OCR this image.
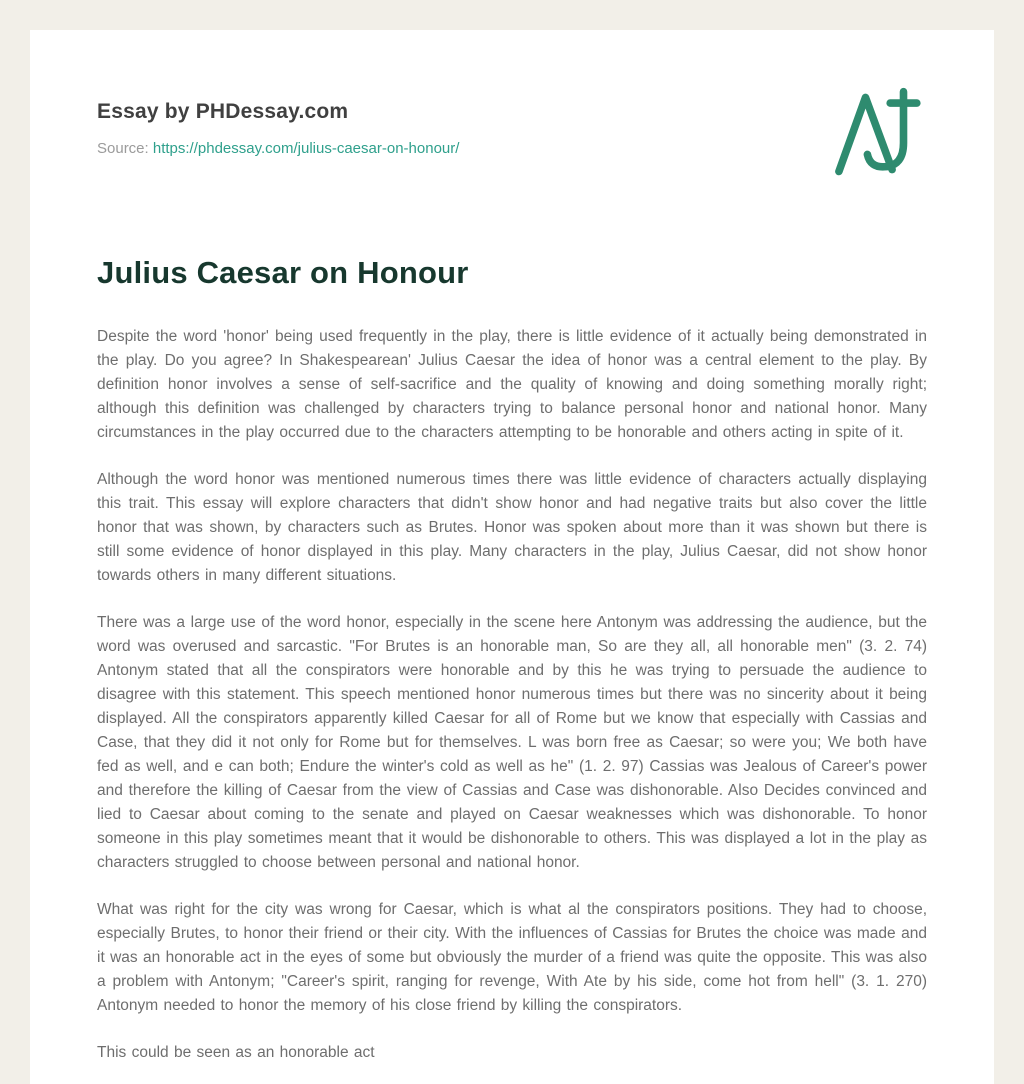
Essay by PHDessay.com
Source: https://phdessay.com/julius-caesar-on-honour/
Julius Caesar on Honour

Despite the word 'honor' being used frequently in the play, there is little evidence of it actually being demonstrated in the play. Do you agree? In Shakespearean' Julius Caesar the idea of honor was a central element to the play. By definition honor involves a sense of self-sacrifice and the quality of knowing and doing something morally right; although this definition was challenged by characters trying to balance personal honor and national honor. Many circumstances in the play occurred due to the characters attempting to be honorable and others acting in spite of it.

Although the word honor was mentioned numerous times there was little evidence of characters actually displaying this trait. This essay will explore characters that didn't show honor and had negative traits but also cover the little honor that was shown, by characters such as Brutes. Honor was spoken about more than it was shown but there is still some evidence of honor displayed in this play. Many characters in the play, Julius Caesar, did not show honor towards others in many different situations.

There was a large use of the word honor, especially in the scene here Antonym was addressing the audience, but the word was overused and sarcastic. "For Brutes is an honorable man, So are they all, all honorable men" (3. 2. 74) Antonym stated that all the conspirators were honorable and by this he was trying to persuade the audience to disagree with this statement. This speech mentioned honor numerous times but there was no sincerity about it being displayed. All the conspirators apparently killed Caesar for all of Rome but we know that especially with Cassias and Case, that they did it not only for Rome but for themselves. L was born free as Caesar; so were you; We both have fed as well, and e can both; Endure the winter's cold as well as he" (1. 2. 97) Cassias was Jealous of Career's power and therefore the killing of Caesar from the view of Cassias and Case was dishonorable. Also Decides convinced and lied to Caesar about coming to the senate and played on Caesar weaknesses which was dishonorable. To honor someone in this play sometimes meant that it would be dishonorable to others. This was displayed a lot in the play as characters struggled to choose between personal and national honor.

What was right for the city was wrong for Caesar, which is what al the conspirators positions. They had to choose, especially Brutes, to honor their friend or their city. With the influences of Cassias for Brutes the choice was made and it was an honorable act in the eyes of some but obviously the murder of a friend was quite the opposite. This was also a problem with Antonym; "Career's spirit, ranging for revenge, With Ate by his side, come hot from hell" (3. 1. 270) Antonym needed to honor the memory of his close friend by killing the conspirators.

This could be seen as an honorable act
